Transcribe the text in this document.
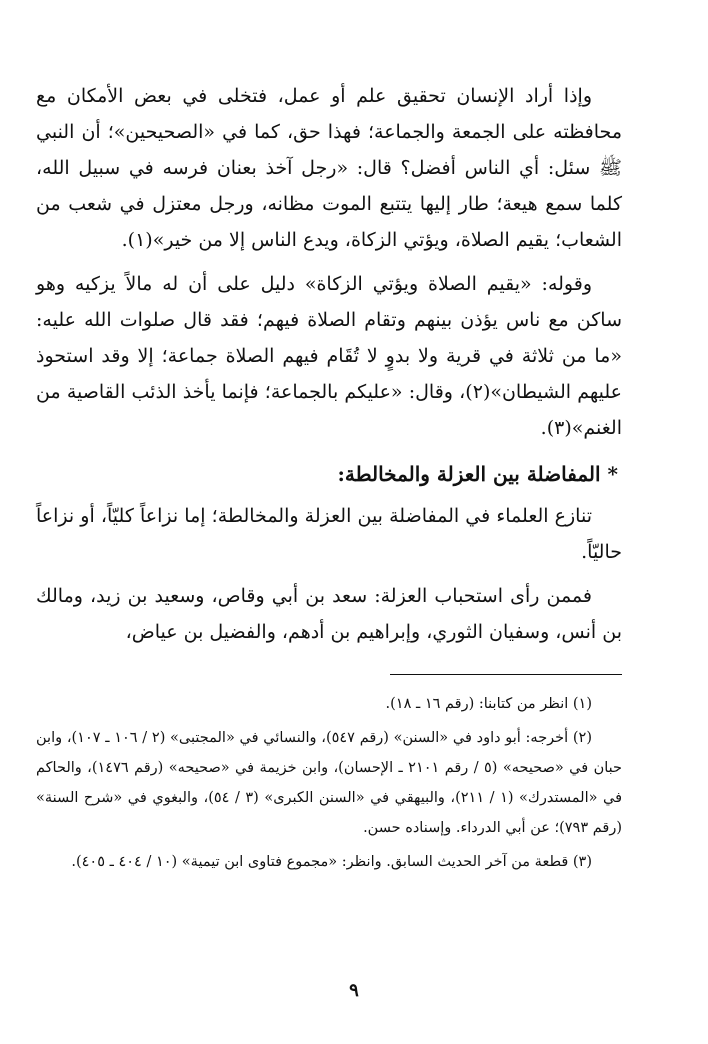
وإذا أراد الإنسان تحقيق علم أو عمل، فتخلى في بعض الأمكان مع محافظته على الجمعة والجماعة؛ فهذا حق، كما في «الصحيحين»؛ أن النبي ﷺ سئل: أي الناس أفضل؟ قال: «رجل آخذ بعنان فرسه في سبيل الله، كلما سمع هيعة؛ طار إليها يتتبع الموت مظانه، ورجل معتزل في شعب من الشعاب؛ يقيم الصلاة، ويؤتي الزكاة، ويدع الناس إلا من خير»(١).

وقوله: «يقيم الصلاة ويؤتي الزكاة» دليل على أن له مالاً يزكيه وهو ساكن مع ناس يؤذن بينهم وتقام الصلاة فيهم؛ فقد قال صلوات الله عليه: «ما من ثلاثة في قرية ولا بدوٍ لا تُقَام فيهم الصلاة جماعة؛ إلا وقد استحوذ عليهم الشيطان»(٢)، وقال: «عليكم بالجماعة؛ فإنما يأخذ الذئب القاصية من الغنم»(٣).

* المفاضلة بين العزلة والمخالطة:

تنازع العلماء في المفاضلة بين العزلة والمخالطة؛ إما نزاعاً كليّاً، أو نزاعاً حاليّاً.

فممن رأى استحباب العزلة: سعد بن أبي وقاص، وسعيد بن زيد، ومالك بن أنس، وسفيان الثوري، وإبراهيم بن أدهم، والفضيل بن عياض،

(١) انظر من كتابنا: (رقم ١٦ ـ ١٨).

(٢) أخرجه: أبو داود في «السنن» (رقم ٥٤٧)، والنسائي في «المجتبى» (٢ / ١٠٦ ـ ١٠٧)، وابن حبان في «صحيحه» (٥ / رقم ٢١٠١ ـ الإحسان)، وابن خزيمة في «صحيحه» (رقم ١٤٧٦)، والحاكم في «المستدرك» (١ / ٢١١)، والبيهقي في «السنن الكبرى» (٣ / ٥٤)، والبغوي في «شرح السنة» (رقم ٧٩٣)؛ عن أبي الدرداء. وإسناده حسن.

(٣) قطعة من آخر الحديث السابق. وانظر: «مجموع فتاوى ابن تيمية» (١٠ / ٤٠٤ ـ ٤٠٥).

٩
